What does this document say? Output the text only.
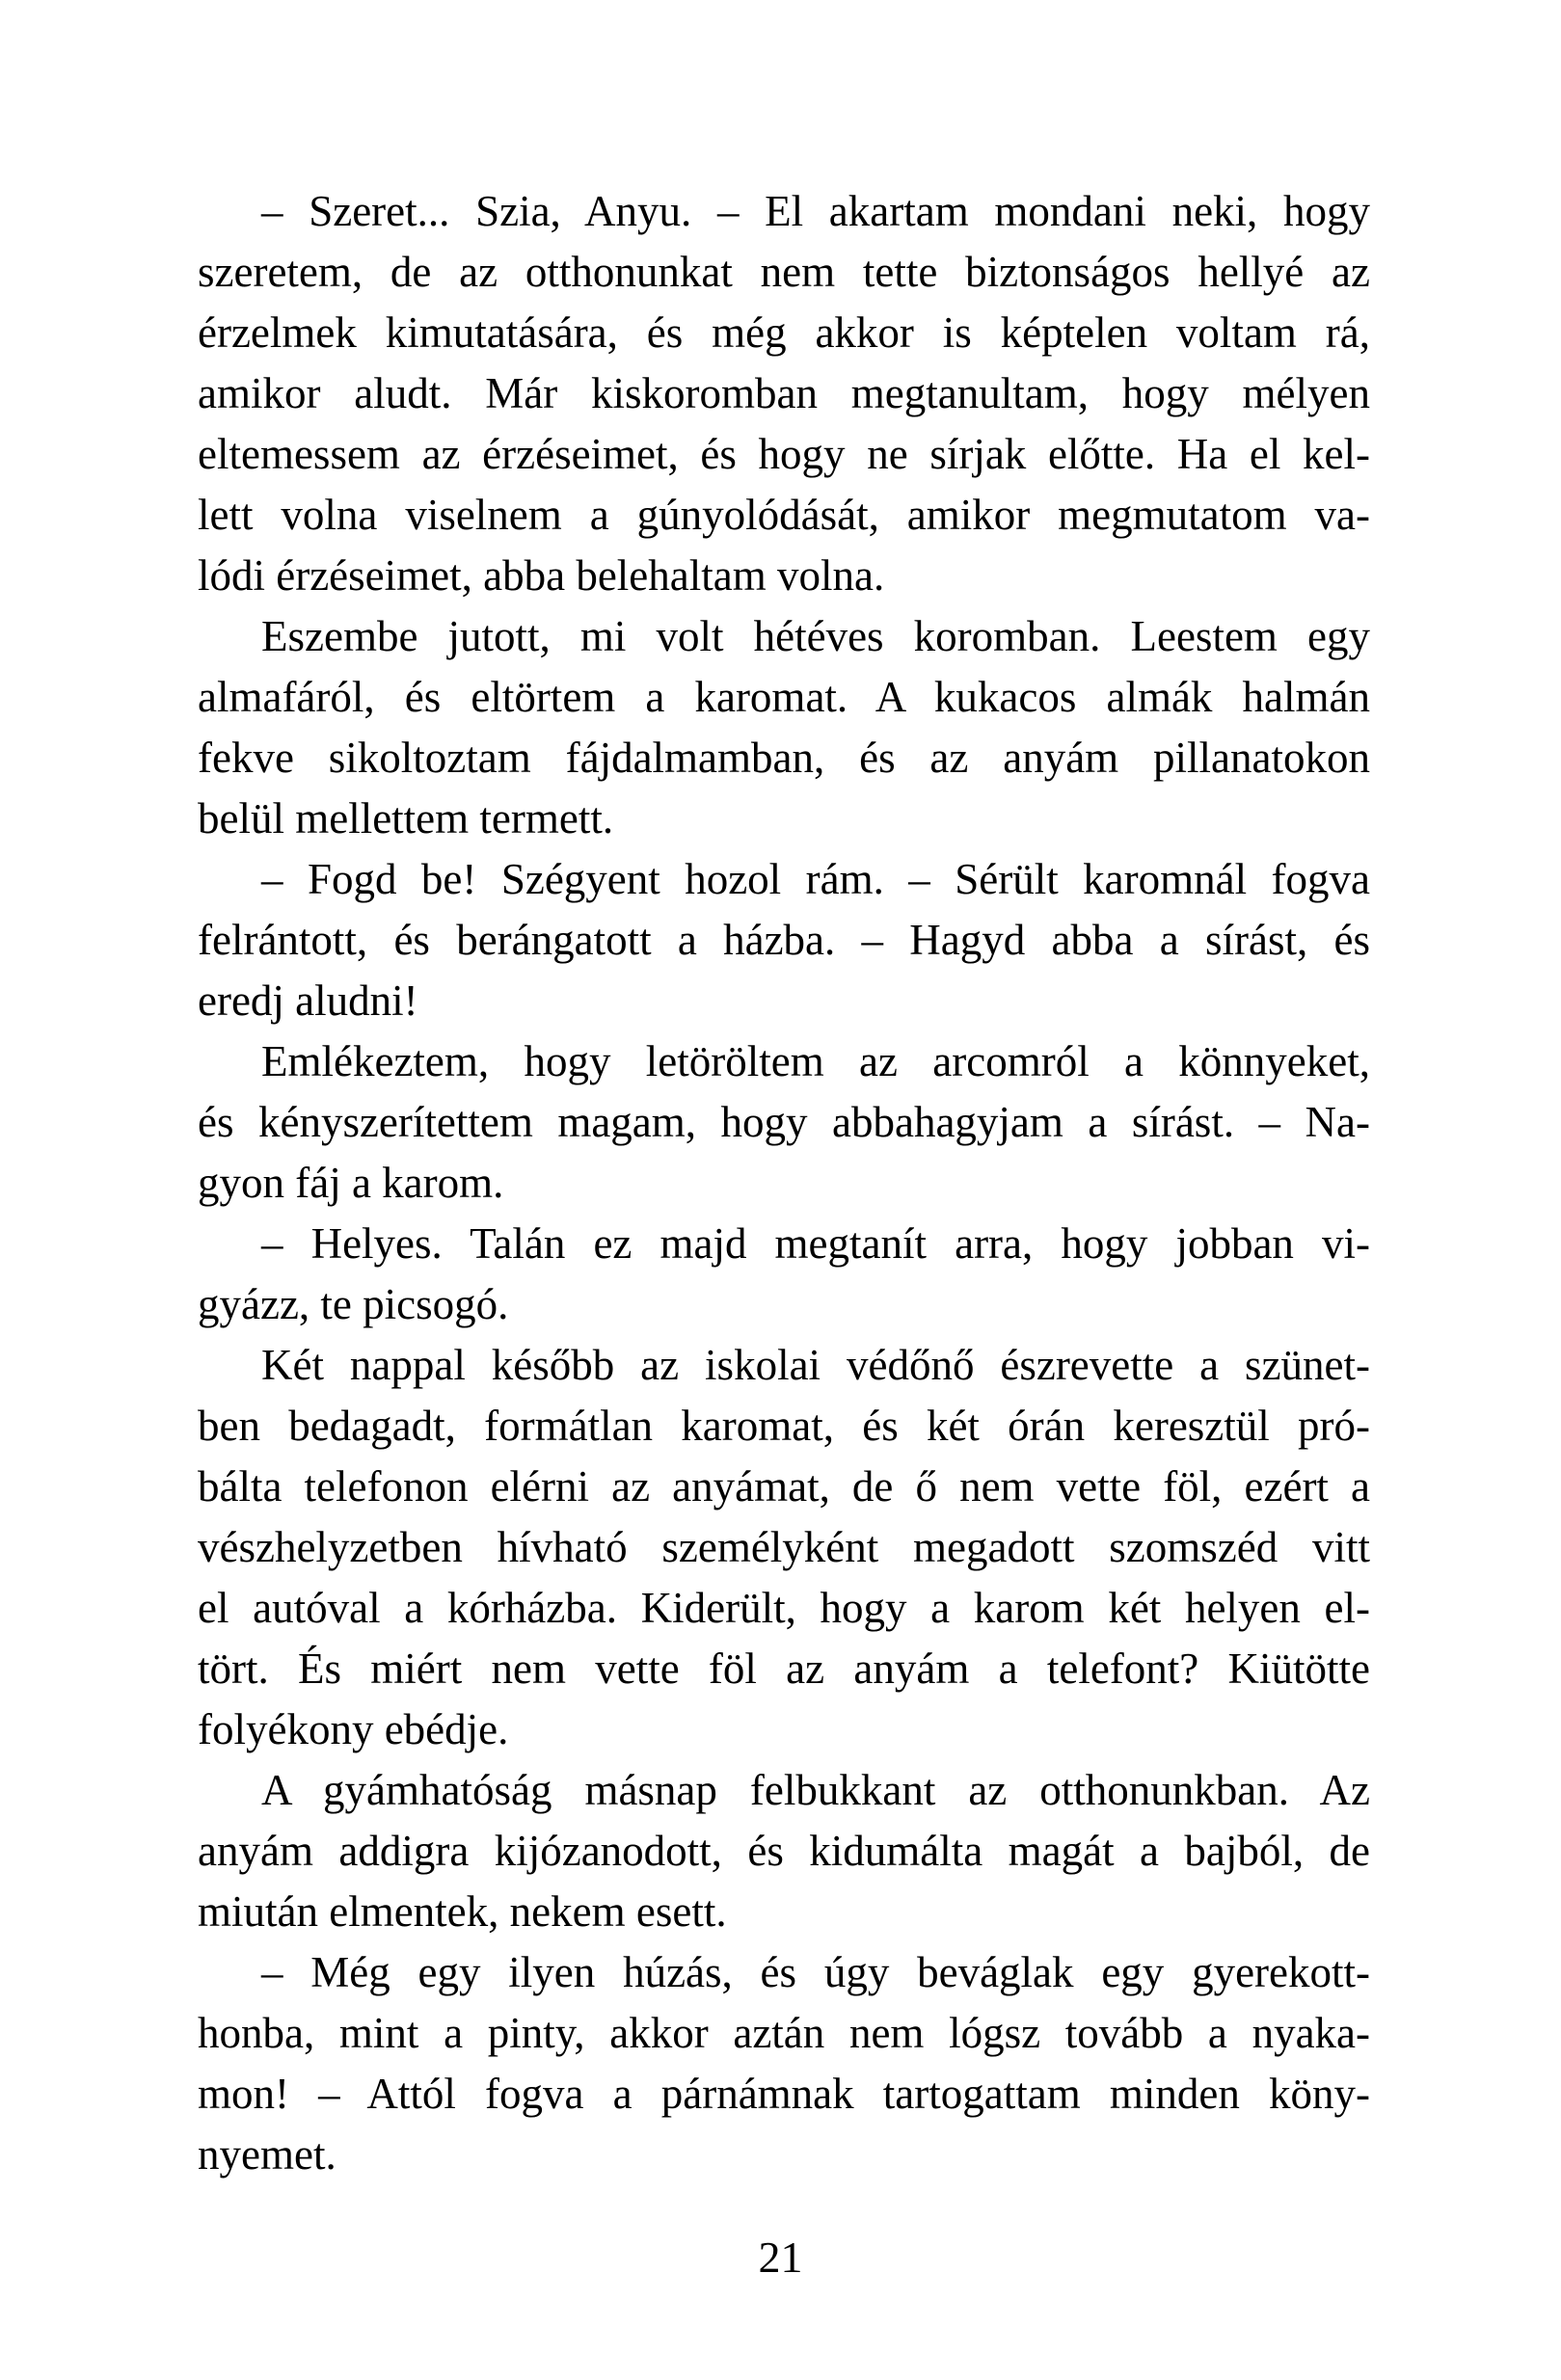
– Szeret... Szia, Anyu. – El akartam mondani neki, hogy
szeretem, de az otthonunkat nem tette biztonságos hellyé az
érzelmek kimutatására, és még akkor is képtelen voltam rá,
amikor aludt. Már kiskoromban megtanultam, hogy mélyen
eltemessem az érzéseimet, és hogy ne sírjak előtte. Ha el kel-
lett volna viselnem a gúnyolódását, amikor megmutatom va-
lódi érzéseimet, abba belehaltam volna.
Eszembe jutott, mi volt hétéves koromban. Leestem egy
almafáról, és eltörtem a karomat. A kukacos almák halmán
fekve sikoltoztam fájdalmamban, és az anyám pillanatokon
belül mellettem termett.
– Fogd be! Szégyent hozol rám. – Sérült karomnál fogva
felrántott, és berángatott a házba. – Hagyd abba a sírást, és
eredj aludni!
Emlékeztem, hogy letöröltem az arcomról a könnyeket,
és kényszerítettem magam, hogy abbahagyjam a sírást. – Na-
gyon fáj a karom.
– Helyes. Talán ez majd megtanít arra, hogy jobban vi-
gyázz, te picsogó.
Két nappal később az iskolai védőnő észrevette a szünet-
ben bedagadt, formátlan karomat, és két órán keresztül pró-
bálta telefonon elérni az anyámat, de ő nem vette föl, ezért a
vészhelyzetben hívható személyként megadott szomszéd vitt
el autóval a kórházba. Kiderült, hogy a karom két helyen el-
tört. És miért nem vette föl az anyám a telefont? Kiütötte
folyékony ebédje.
A gyámhatóság másnap felbukkant az otthonunkban. Az
anyám addigra kijózanodott, és kidumálta magát a bajból, de
miután elmentek, nekem esett.
– Még egy ilyen húzás, és úgy beváglak egy gyerekott-
honba, mint a pinty, akkor aztán nem lógsz tovább a nyaka-
mon! – Attól fogva a párnámnak tartogattam minden köny-
nyemet.
21
